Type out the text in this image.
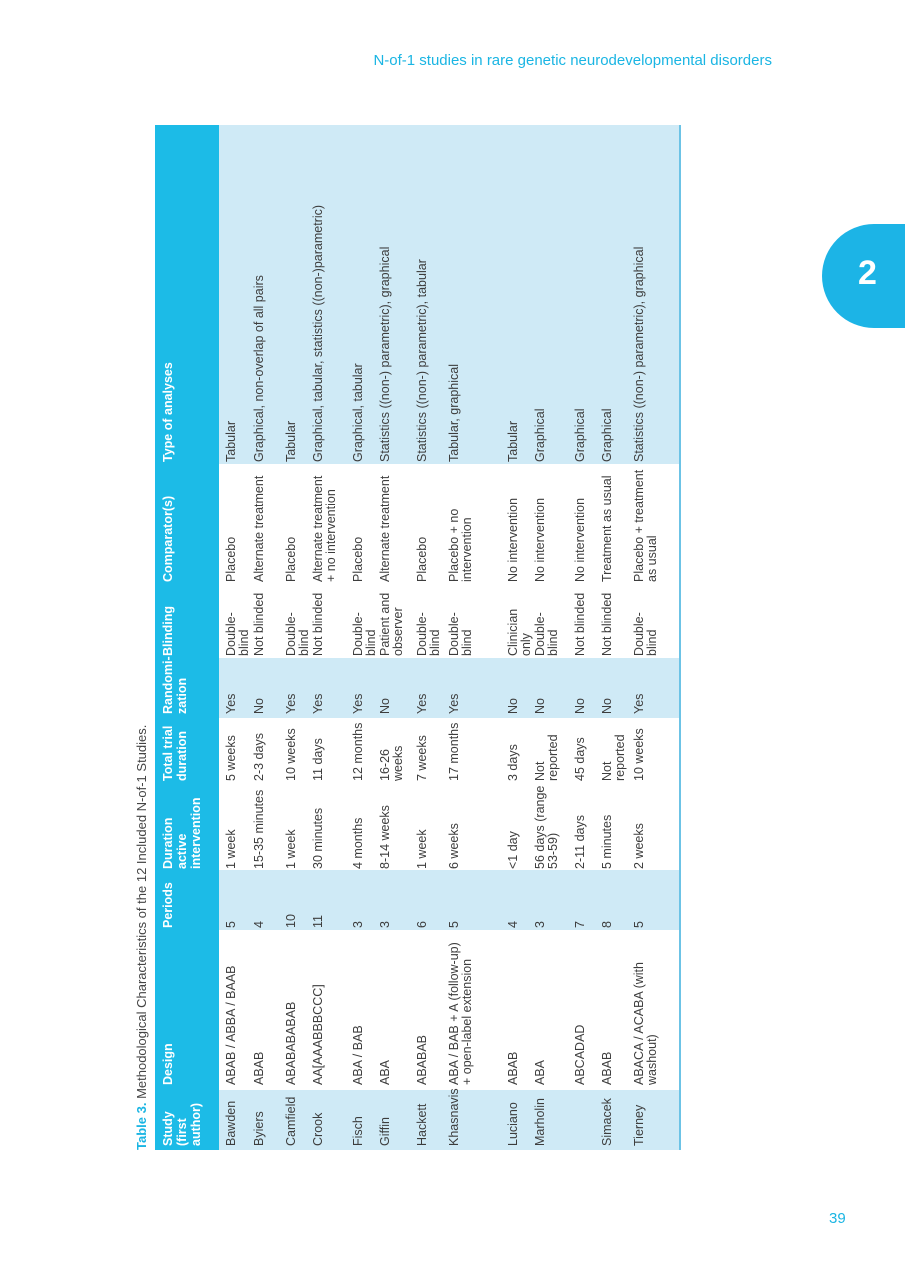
N-of-1 studies in rare genetic neurodevelopmental disorders
2
39
Table 3. Methodological Characteristics of the 12 Included N-of-1 Studies.
Study (first author)
Design
Periods
Duration active intervention
Total trial duration
Randomi-zation
Blinding
Comparator(s)
Type of analyses
Bawden
ABAB / ABBA / BAAB
5
1 week
5 weeks
Yes
Double-blind
Placebo
Tabular
Byiers
ABAB
4
15-35 minutes
2-3 days
No
Not blinded
Alternate treatment
Graphical, non-overlap of all pairs
Camfield
ABABABABAB
10
1 week
10 weeks
Yes
Double-blind
Placebo
Tabular
Crook
AA[AAABBBCCC]
11
30 minutes
11 days
Yes
Not blinded
Alternate treatment + no intervention
Graphical, tabular, statistics ((non-)parametric)
Fisch
ABA / BAB
3
4 months
12 months
Yes
Double-blind
Placebo
Graphical, tabular
Giffin
ABA
3
8-14 weeks
16-26 weeks
No
Patient and observer
Alternate treatment
Statistics ((non-) parametric), graphical
Hackett
ABABAB
6
1 week
7 weeks
Yes
Double-blind
Placebo
Statistics ((non-) parametric), tabular
Khasnavis
ABA / BAB + A (follow-up) + open-label extension
5
6 weeks
17 months
Yes
Double-blind
Placebo + no intervention
Tabular, graphical
Luciano
ABAB
4
<1 day
3 days
No
Clinician only
No intervention
Tabular
Marholin
ABA
3
56 days (range 53-59)
Not reported
No
Double-blind
No intervention
Graphical
ABCADAD
7
2-11 days
45 days
No
Not blinded
No intervention
Graphical
Simacek
ABAB
8
5 minutes
Not reported
No
Not blinded
Treatment as usual
Graphical
Tierney
ABACA / ACABA (with washout)
5
2 weeks
10 weeks
Yes
Double-blind
Placebo + treatment as usual
Statistics ((non-) parametric), graphical
